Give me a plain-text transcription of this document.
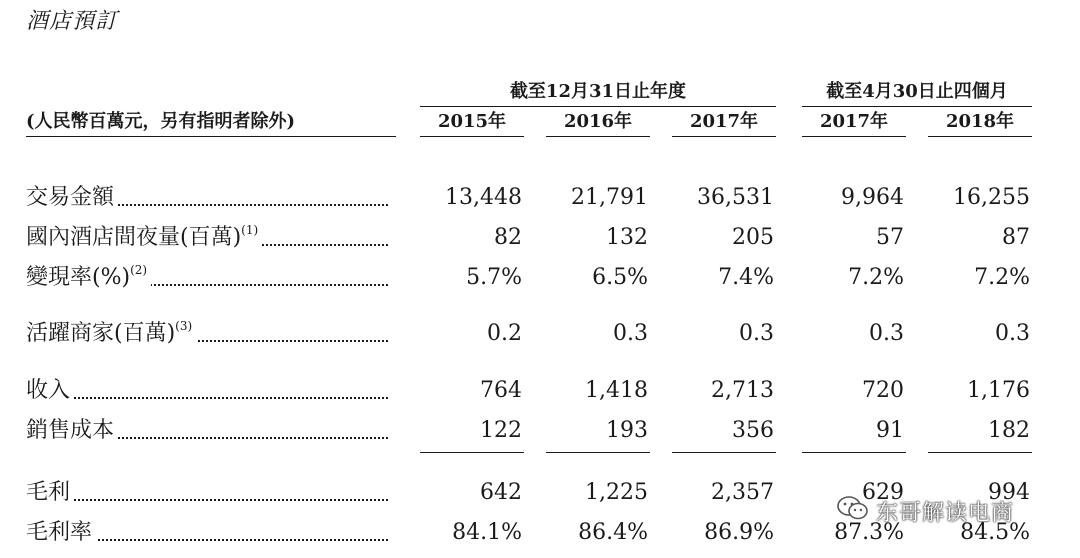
酒店預訂
截至12月31日止年度	截至4月30日止四個月
(人民幣百萬元，另有指明者除外)	2015年	2016年	2017年	2017年	2018年
交易金額	13,448	21,791	36,531	9,964	16,255
國內酒店間夜量(百萬)$^{(1)}$	82	132	205	57	87
變現率(%)$^{(2)}$	5.7%	6.5%	7.4%	7.2%	7.2%
活躍商家(百萬)$^{(3)}$	0.2	0.3	0.3	0.3	0.3
收入	764	1,418	2,713	720	1,176
銷售成本	122	193	356	91	182
毛利	642	1,225	2,357	629	994
毛利率	84.1%	86.4%	86.9%	87.3%	84.5%
东哥解读电商
